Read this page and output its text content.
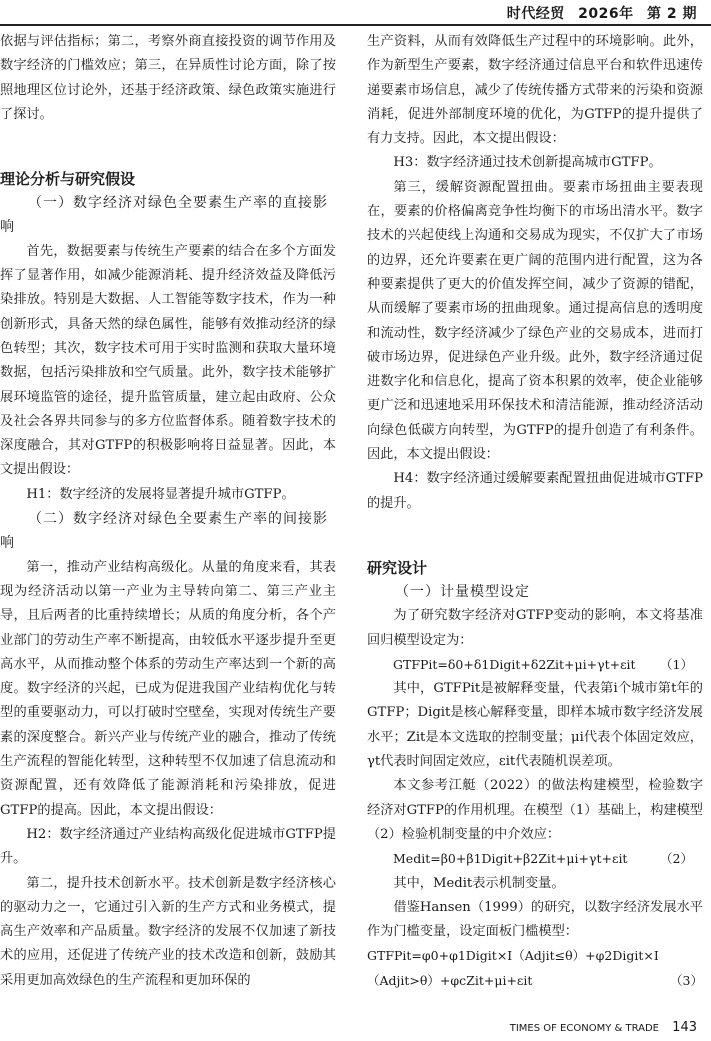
时代经贸 2026年 第 2 期

依据与评估指标；第二，考察外商直接投资的调节作用及数字经济的门槛效应；第三，在异质性讨论方面，除了按照地理区位讨论外，还基于经济政策、绿色政策实施进行了探讨。

理论分析与研究假设
（一）数字经济对绿色全要素生产率的直接影响

首先，数据要素与传统生产要素的结合在多个方面发挥了显著作用，如减少能源消耗、提升经济效益及降低污染排放。特别是大数据、人工智能等数字技术，作为一种创新形式，具备天然的绿色属性，能够有效推动经济的绿色转型；其次，数字技术可用于实时监测和获取大量环境数据，包括污染排放和空气质量。此外，数字技术能够扩展环境监管的途径，提升监管质量，建立起由政府、公众及社会各界共同参与的多方位监督体系。随着数字技术的深度融合，其对GTFP的积极影响将日益显著。因此，本文提出假设：

H1：数字经济的发展将显著提升城市GTFP。

（二）数字经济对绿色全要素生产率的间接影响

第一，推动产业结构高级化。从量的角度来看，其表现为经济活动以第一产业为主导转向第二、第三产业主导，且后两者的比重持续增长；从质的角度分析，各个产业部门的劳动生产率不断提高，由较低水平逐步提升至更高水平，从而推动整个体系的劳动生产率达到一个新的高度。数字经济的兴起，已成为促进我国产业结构优化与转型的重要驱动力，可以打破时空壁垒，实现对传统生产要素的深度整合。新兴产业与传统产业的融合，推动了传统生产流程的智能化转型，这种转型不仅加速了信息流动和资源配置，还有效降低了能源消耗和污染排放，促进GTFP的提高。因此，本文提出假设：

H2：数字经济通过产业结构高级化促进城市GTFP提升。

第二，提升技术创新水平。技术创新是数字经济核心的驱动力之一，它通过引入新的生产方式和业务模式，提高生产效率和产品质量。数字经济的发展不仅加速了新技术的应用，还促进了传统产业的技术改造和创新，鼓励其采用更加高效绿色的生产流程和更加环保的

生产资料，从而有效降低生产过程中的环境影响。此外，作为新型生产要素，数字经济通过信息平台和软件迅速传递要素市场信息，减少了传统传播方式带来的污染和资源消耗，促进外部制度环境的优化，为GTFP的提升提供了有力支持。因此，本文提出假设：

H3：数字经济通过技术创新提高城市GTFP。

第三，缓解资源配置扭曲。要素市场扭曲主要表现在，要素的价格偏离竞争性均衡下的市场出清水平。数字技术的兴起使线上沟通和交易成为现实，不仅扩大了市场的边界，还允许要素在更广阔的范围内进行配置，这为各种要素提供了更大的价值发挥空间，减少了资源的错配，从而缓解了要素市场的扭曲现象。通过提高信息的透明度和流动性，数字经济减少了绿色产业的交易成本，进而打破市场边界，促进绿色产业升级。此外，数字经济通过促进数字化和信息化，提高了资本积累的效率，使企业能够更广泛和迅速地采用环保技术和清洁能源，推动经济活动向绿色低碳方向转型，为GTFP的提升创造了有利条件。因此，本文提出假设：

H4：数字经济通过缓解要素配置扭曲促进城市GTFP的提升。

研究设计
（一）计量模型设定

为了研究数字经济对GTFP变动的影响，本文将基准回归模型设定为：

GTFPit=δ0+δ1Digit+δ2Zit+μi+γt+εit （1）

其中，GTFPit是被解释变量，代表第i个城市第t年的GTFP；Digit是核心解释变量，即样本城市数字经济发展水平；Zit是本文选取的控制变量；μi代表个体固定效应，γt代表时间固定效应，εit代表随机误差项。

本文参考江艇（2022）的做法构建模型，检验数字经济对GTFP的作用机理。在模型（1）基础上，构建模型（2）检验机制变量的中介效应：

Medit=β0+β1Digit+β2Zit+μi+γt+εit	（2）

其中，Medit表示机制变量。

借鉴Hansen（1999）的研究，以数字经济发展水平作为门槛变量，设定面板门槛模型：

GTFPit=φ0+φ1Digit×I（Adjit≤θ）+φ2Digit×I
（Adjit>θ）+φcZit+μi+εit	（3）
TIMES OF ECONOMY & TRADE 143
